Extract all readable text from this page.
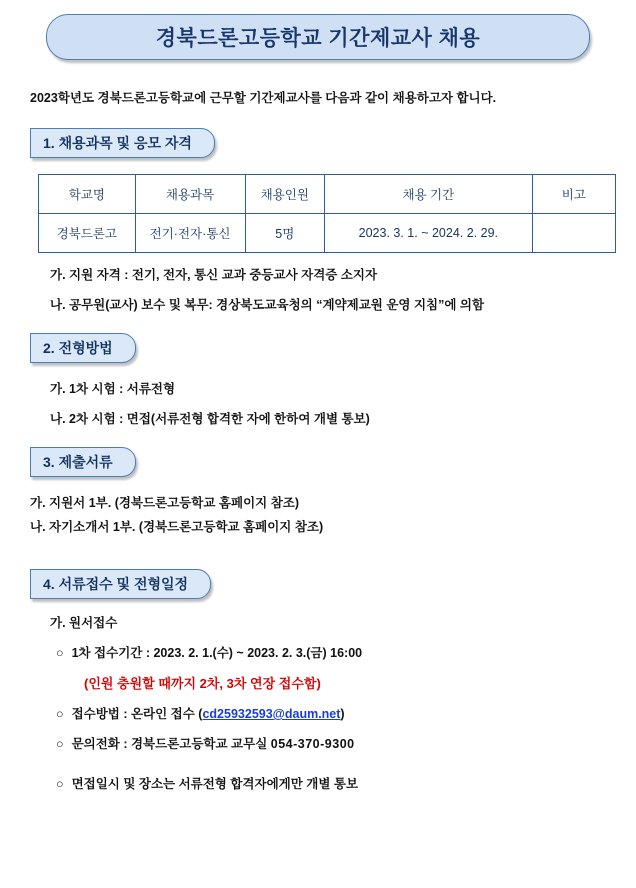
경북드론고등학교 기간제교사 채용
2023학년도 경북드론고등학교에 근무할 기간제교사를 다음과 같이 채용하고자 합니다.
1. 채용과목 및 응모 자격
학교명	채용과목	채용인원	채용 기간	비고
경북드론고	전기·전자·통신	5명	2023. 3. 1. ~ 2024. 2. 29.	
가. 지원 자격 : 전기, 전자, 통신 교과 중등교사 자격증 소지자
나. 공무원(교사) 보수 및 복무: 경상북도교육청의 “계약제교원 운영 지침”에 의함
2. 전형방법
가. 1차 시험 : 서류전형
나. 2차 시험 : 면접(서류전형 합격한 자에 한하여 개별 통보)
3. 제출서류
가. 지원서 1부. (경북드론고등학교 홈페이지 참조)
나. 자기소개서 1부. (경북드론고등학교 홈페이지 참조)
4. 서류접수 및 전형일정
가. 원서접수
○ 1차 접수기간 : 2023. 2. 1.(수) ~ 2023. 2. 3.(금) 16:00
(인원 충원할 때까지 2차, 3차 연장 접수함)
○ 접수방법 : 온라인 접수 (cd25932593@daum.net)
○ 문의전화 : 경북드론고등학교 교무실 054-370-9300
○ 면접일시 및 장소는 서류전형 합격자에게만 개별 통보
